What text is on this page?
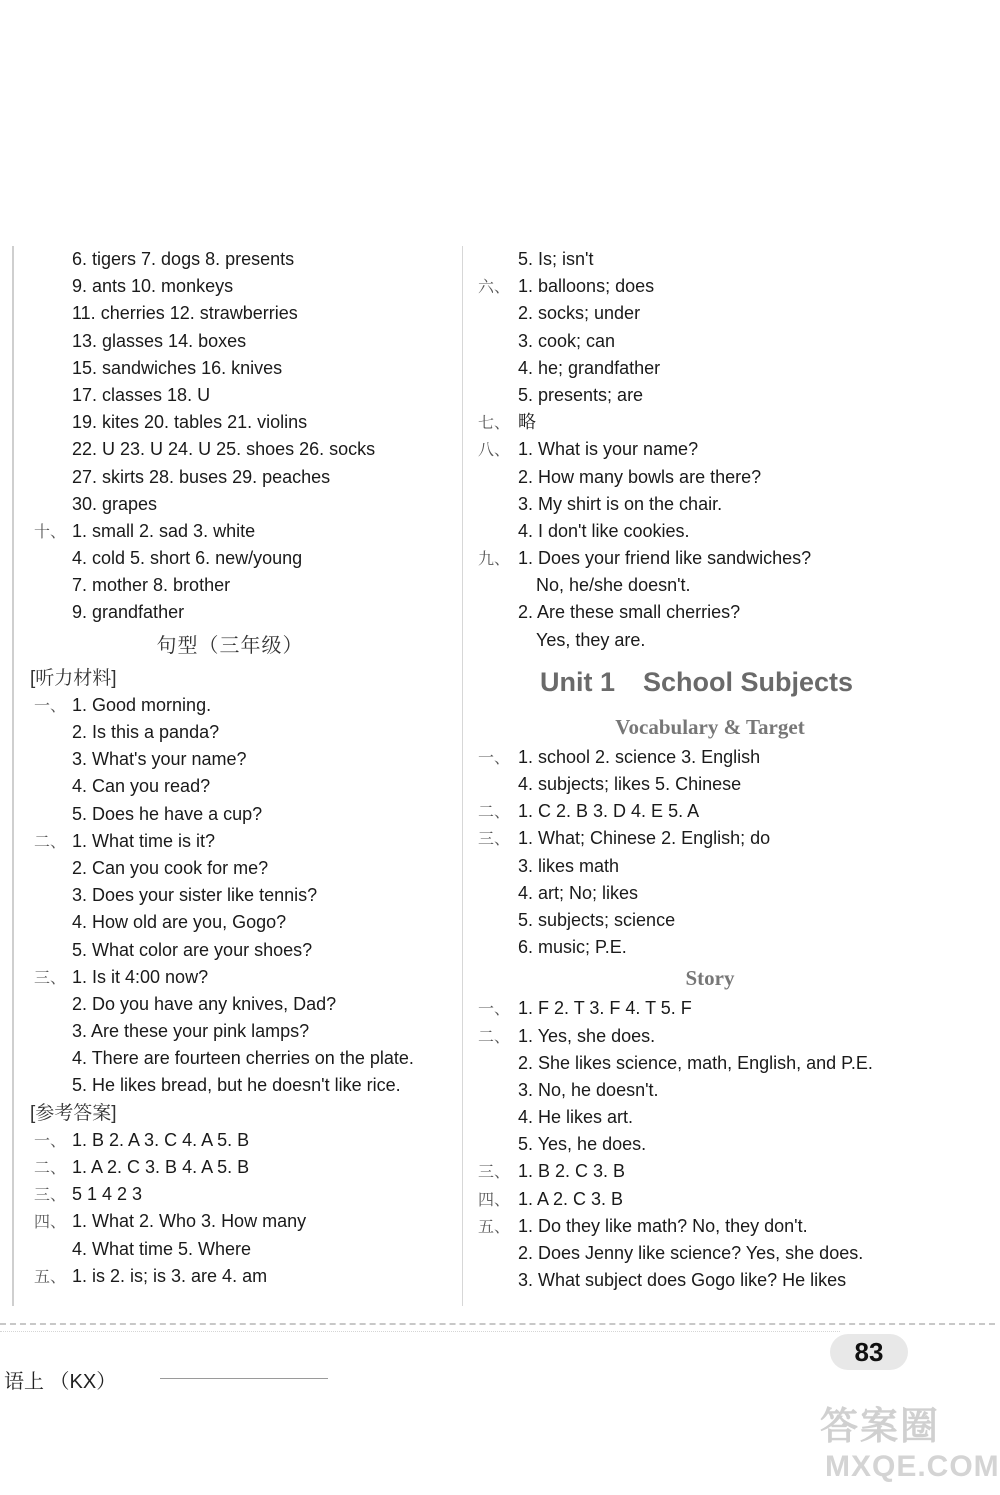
6. tigers 7. dogs 8. presents
9. ants 10. monkeys
11. cherries 12. strawberries
13. glasses 14. boxes
15. sandwiches 16. knives
17. classes 18. U
19. kites 20. tables 21. violins
22. U 23. U 24. U 25. shoes 26. socks
27. skirts 28. buses 29. peaches
30. grapes
十、 1. small 2. sad 3. white
4. cold 5. short 6. new/young
7. mother 8. brother
9. grandfather
句型（三年级）
[听力材料]
一、 1. Good morning.
2. Is this a panda?
3. What's your name?
4. Can you read?
5. Does he have a cup?
二、 1. What time is it?
2. Can you cook for me?
3. Does your sister like tennis?
4. How old are you, Gogo?
5. What color are your shoes?
三、 1. Is it 4:00 now?
2. Do you have any knives, Dad?
3. Are these your pink lamps?
4. There are fourteen cherries on the plate.
5. He likes bread, but he doesn't like rice.
[参考答案]
一、 1. B 2. A 3. C 4. A 5. B
二、 1. A 2. C 3. B 4. A 5. B
三、 5 1 4 2 3
四、 1. What 2. Who 3. How many
4. What time 5. Where
五、 1. is 2. is; is 3. are 4. am
5. Is; isn't
六、 1. balloons; does
2. socks; under
3. cook; can
4. he; grandfather
5. presents; are
七、 略
八、 1. What is your name?
2. How many bowls are there?
3. My shirt is on the chair.
4. I don't like cookies.
九、 1. Does your friend like sandwiches?
No, he/she doesn't.
2. Are these small cherries?
Yes, they are.
Unit 1 School Subjects
Vocabulary & Target
一、 1. school 2. science 3. English
4. subjects; likes 5. Chinese
二、 1. C 2. B 3. D 4. E 5. A
三、 1. What; Chinese 2. English; do
3. likes math
4. art; No; likes
5. subjects; science
6. music; P.E.
Story
一、 1. F 2. T 3. F 4. T 5. F
二、 1. Yes, she does.
2. She likes science, math, English, and P.E.
3. No, he doesn't.
4. He likes art.
5. Yes, he does.
三、 1. B 2. C 3. B
四、 1. A 2. C 3. B
五、 1. Do they like math? No, they don't.
2. Does Jenny like science? Yes, she does.
3. What subject does Gogo like? He likes
语上 （KX）
83
答案圈
MXQE.COM
